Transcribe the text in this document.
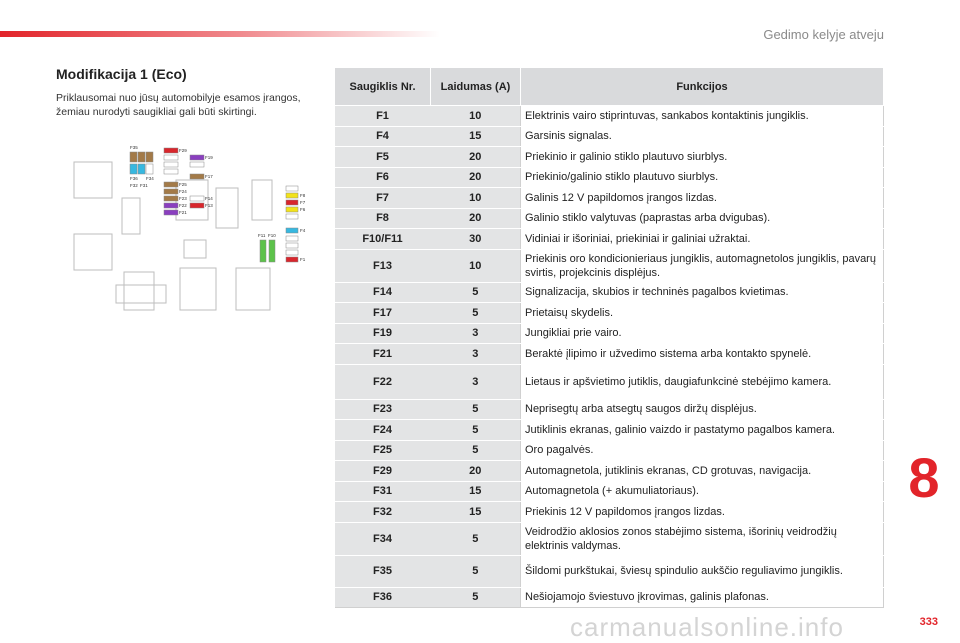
Gedimo kelyje atveju
Modifikacija 1 (Eco)
Priklausomai nuo jūsų automobilyje esamos įrangos, žemiau nurodyti saugikliai gali būti skirtingi.
F35
F36 F34
F32 F31
F29
F19
F17
F25
F24
F23
F22
F21
F14
F13
F11 F10
F8
F7
F6
F4
F1
Saugiklis Nr.	Laidumas (A)	Funkcijos
F1	10	Elektrinis vairo stiprintuvas, sankabos kontaktinis jungiklis.
F4	15	Garsinis signalas.
F5	20	Priekinio ir galinio stiklo plautuvo siurblys.
F6	20	Priekinio/galinio stiklo plautuvo siurblys.
F7	10	Galinis 12 V papildomos įrangos lizdas.
F8	20	Galinio stiklo valytuvas (paprastas arba dvigubas).
F10/F11	30	Vidiniai ir išoriniai, priekiniai ir galiniai užraktai.
F13	10	Priekinis oro kondicionieriaus jungiklis, automagnetolos jungiklis, pavarų svirtis, projekcinis displėjus.
F14	5	Signalizacija, skubios ir techninės pagalbos kvietimas.
F17	5	Prietaisų skydelis.
F19	3	Jungikliai prie vairo.
F21	3	Beraktė įlipimo ir užvedimo sistema arba kontakto spynelė.
F22	3	Lietaus ir apšvietimo jutiklis, daugiafunkcinė stebėjimo kamera.
F23	5	Neprisegtų arba atsegtų saugos diržų displėjus.
F24	5	Jutiklinis ekranas, galinio vaizdo ir pastatymo pagalbos kamera.
F25	5	Oro pagalvės.
F29	20	Automagnetola, jutiklinis ekranas, CD grotuvas, navigacija.
F31	15	Automagnetola (+ akumuliatoriaus).
F32	15	Priekinis 12 V papildomos įrangos lizdas.
F34	5	Veidrodžio aklosios zonos stabėjimo sistema, išorinių veidrodžių elektrinis valdymas.
F35	5	Šildomi purkštukai, šviesų spindulio aukščio reguliavimo jungiklis.
F36	5	Nešiojamojo šviestuvo įkrovimas, galinis plafonas.
8
333
carmanualsonline.info
